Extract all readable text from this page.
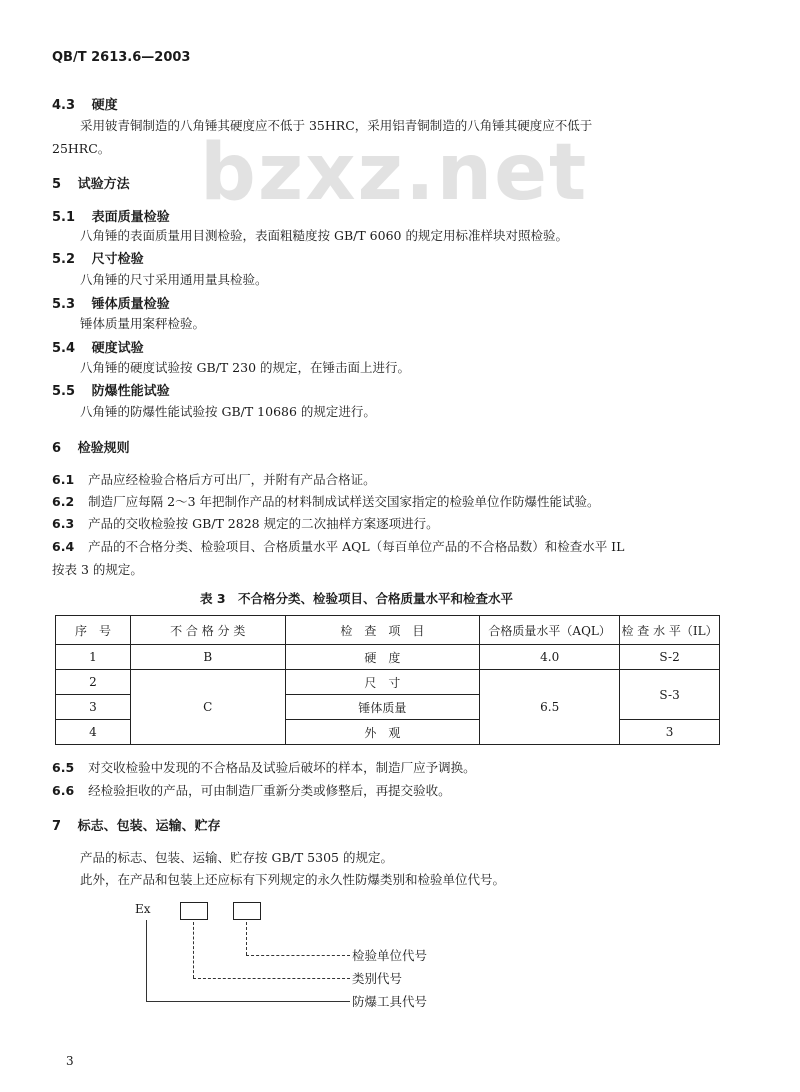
bzxz.net
QB/T 2613.6—2003
4.3 硬度
采用铍青铜制造的八角锤其硬度应不低于 35HRC，采用铝青铜制造的八角锤其硬度应不低于
25HRC。
5 试验方法
5.1 表面质量检验
八角锤的表面质量用目测检验，表面粗糙度按 GB/T 6060 的规定用标准样块对照检验。
5.2 尺寸检验
八角锤的尺寸采用通用量具检验。
5.3 锤体质量检验
锤体质量用案秤检验。
5.4 硬度试验
八角锤的硬度试验按 GB/T 230 的规定，在锤击面上进行。
5.5 防爆性能试验
八角锤的防爆性能试验按 GB/T 10686 的规定进行。
6 检验规则
6.1 产品应经检验合格后方可出厂，并附有产品合格证。
6.2 制造厂应每隔 2～3 年把制作产品的材料制成试样送交国家指定的检验单位作防爆性能试验。
6.3 产品的交收检验按 GB/T 2828 规定的二次抽样方案逐项进行。
6.4 产品的不合格分类、检验项目、合格质量水平 AQL（每百单位产品的不合格品数）和检查水平 IL
按表 3 的规定。
表 3　不合格分类、检验项目、合格质量水平和检查水平
序　号	不 合 格 分 类	检　查　项　目	合格质量水平（AQL）	检 查 水 平（IL）
1	B	硬　度	4.0	S-2
2	C	尺　寸	6.5	S-3
3		锤体质量		
4		外　观		3
6.5 对交收检验中发现的不合格品及试验后破坏的样本，制造厂应予调换。
6.6 经检验拒收的产品，可由制造厂重新分类或修整后，再提交验收。
7 标志、包装、运输、贮存
产品的标志、包装、运输、贮存按 GB/T 5305 的规定。
此外，在产品和包装上还应标有下列规定的永久性防爆类别和检验单位代号。
Ex
检验单位代号
类别代号
防爆工具代号
3
